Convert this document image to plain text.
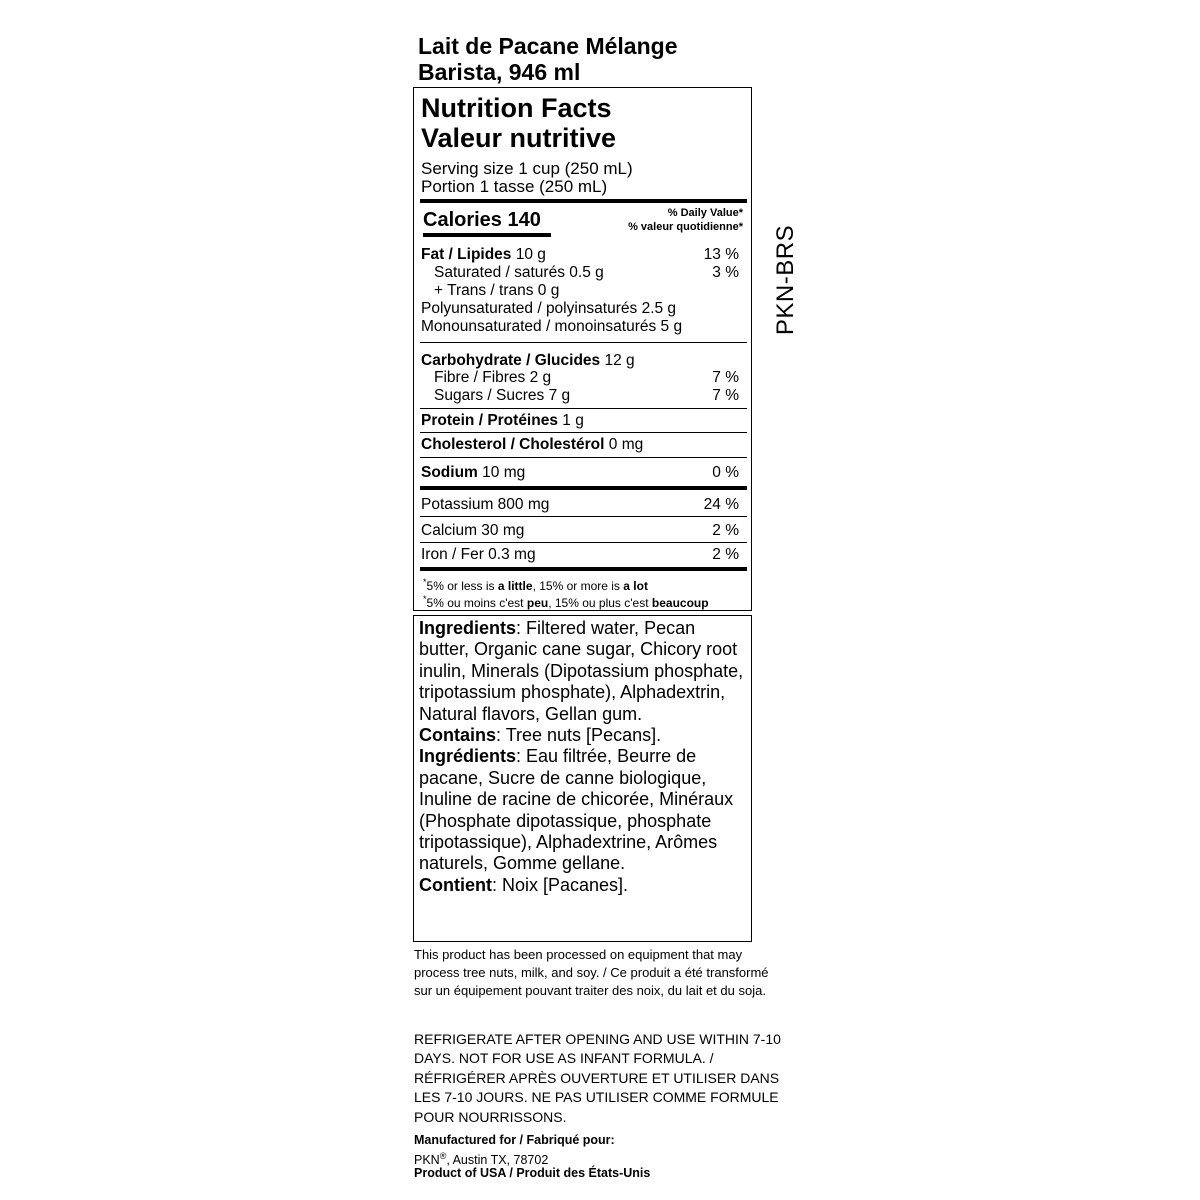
Lait de Pacane Mélange
Barista, 946 ml
Nutrition Facts
Valeur nutritive
Serving size 1 cup (250 mL)
Portion 1 tasse (250 mL)
Calories 140	% Daily Value*
% valeur quotidienne*
Fat / Lipides 10 g	13 %
Saturated / saturés 0.5 g	3 %
+ Trans / trans 0 g
Polyunsaturated / polyinsaturés 2.5 g
Monounsaturated / monoinsaturés 5 g
Carbohydrate / Glucides 12 g
Fibre / Fibres 2 g	7 %
Sugars / Sucres 7 g	7 %
Protein / Protéines 1 g
Cholesterol / Cholestérol 0 mg
Sodium 10 mg	0 %
Potassium 800 mg	24 %
Calcium 30 mg	2 %
Iron / Fer 0.3 mg	2 %
*5% or less is a little, 15% or more is a lot
*5% ou moins c'est peu, 15% ou plus c'est beaucoup
Ingredients: Filtered water, Pecan butter, Organic cane sugar, Chicory root inulin, Minerals (Dipotassium phosphate, tripotassium phosphate), Alphadextrin, Natural flavors, Gellan gum.
Contains: Tree nuts [Pecans].
Ingrédients: Eau filtrée, Beurre de pacane, Sucre de canne biologique, Inuline de racine de chicorée, Minéraux (Phosphate dipotassique, phosphate tripotassique), Alphadextrine, Arômes naturels, Gomme gellane.
Contient: Noix [Pacanes].
This product has been processed on equipment that may process tree nuts, milk, and soy. / Ce produit a été transformé sur un équipement pouvant traiter des noix, du lait et du soja.
REFRIGERATE AFTER OPENING AND USE WITHIN 7-10 DAYS. NOT FOR USE AS INFANT FORMULA. / RÉFRIGÉRER APRÈS OUVERTURE ET UTILISER DANS LES 7-10 JOURS. NE PAS UTILISER COMME FORMULE POUR NOURRISSONS.
Manufactured for / Fabriqué pour:
PKN®, Austin TX, 78702
Product of USA / Produit des États-Unis
PKN-BRS
